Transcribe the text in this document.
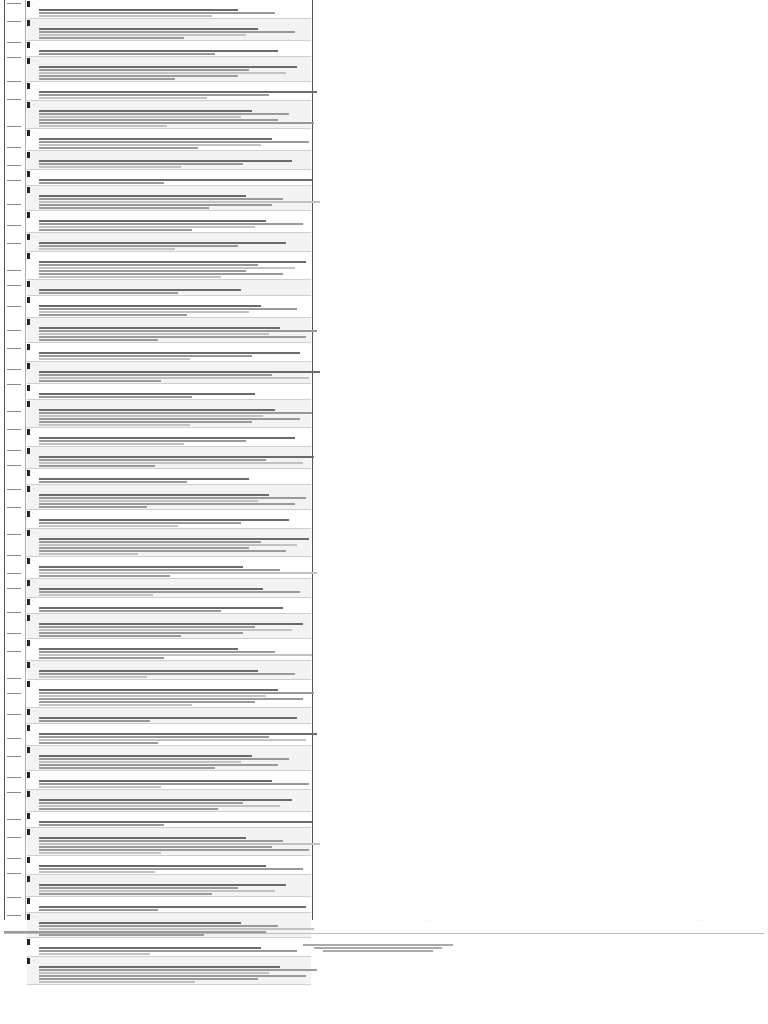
· ·
· ·
· ·
· ·
· ·
· ·
· ·
· ·
· ·
· ·
· ·
· ·
· ·
· ·
· ·
· ·
· ·
· ·
· ·
· ·
· ·
· ·
· ·
· ·
· ·
· ·
· ·
· ·
· ·
· ·
· ·
· ·
· ·
· ·
· ·
· ·
· ·
· ·
· ·
· ·
· ·
· ·
· ·
· ·
· ·
· ·
· · · · ·	· · · · ·
· · ·
· · ·
